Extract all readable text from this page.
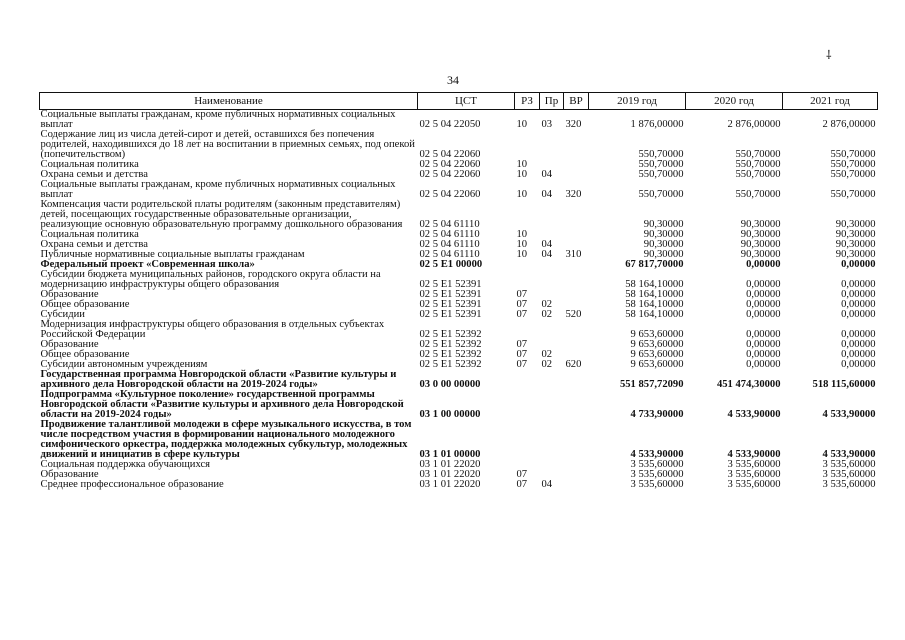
⸸
34
Наименование	ЦСТ	РЗ	Пр	ВР	2019 год	2020 год	2021 год
Социальные выплаты гражданам, кроме публичных нормативных социальных выплат	02 5 04 22050	10	03	320	1 876,00000	2 876,00000	2 876,00000
Содержание лиц из числа детей-сирот и детей, оставшихся без попечения родителей, находившихся до 18 лет на воспитании в приемных семьях, под опекой (попечительством)	02 5 04 22060				550,70000	550,70000	550,70000
Социальная политика	02 5 04 22060	10			550,70000	550,70000	550,70000
Охрана семьи и детства	02 5 04 22060	10	04		550,70000	550,70000	550,70000
Социальные выплаты гражданам, кроме публичных нормативных социальных выплат	02 5 04 22060	10	04	320	550,70000	550,70000	550,70000
Компенсация части родительской платы родителям (законным представителям) детей, посещающих государственные образовательные организации, реализующие основную образовательную программу дошкольного образования	02 5 04 61110				90,30000	90,30000	90,30000
Социальная политика	02 5 04 61110	10			90,30000	90,30000	90,30000
Охрана семьи и детства	02 5 04 61110	10	04		90,30000	90,30000	90,30000
Публичные нормативные социальные выплаты гражданам	02 5 04 61110	10	04	310	90,30000	90,30000	90,30000
Федеральный проект «Современная школа»	02 5 E1 00000				67 817,70000	0,00000	0,00000
Субсидии бюджета муниципальных районов, городского округа области на модернизацию инфраструктуры общего образования	02 5 E1 52391				58 164,10000	0,00000	0,00000
Образование	02 5 E1 52391	07			58 164,10000	0,00000	0,00000
Общее образование	02 5 E1 52391	07	02		58 164,10000	0,00000	0,00000
Субсидии	02 5 E1 52391	07	02	520	58 164,10000	0,00000	0,00000
Модернизация инфраструктуры общего образования в отдельных субъектах Российской Федерации	02 5 E1 52392				9 653,60000	0,00000	0,00000
Образование	02 5 E1 52392	07			9 653,60000	0,00000	0,00000
Общее образование	02 5 E1 52392	07	02		9 653,60000	0,00000	0,00000
Субсидии автономным учреждениям	02 5 E1 52392	07	02	620	9 653,60000	0,00000	0,00000
Государственная программа Новгородской области «Развитие культуры и архивного дела Новгородской области на 2019-2024 годы»	03 0 00 00000				551 857,72090	451 474,30000	518 115,60000
Подпрограмма «Культурное поколение» государственной программы Новгородской области «Развитие культуры и архивного дела Новгородской области на 2019-2024 годы»	03 1 00 00000				4 733,90000	4 533,90000	4 533,90000
Продвижение талантливой молодежи в сфере музыкального искусства, в том числе посредством участия в формировании национального молодежного симфонического оркестра, поддержка молодежных субкультур, молодежных движений и инициатив в сфере культуры	03 1 01 00000				4 533,90000	4 533,90000	4 533,90000
Социальная поддержка обучающихся	03 1 01 22020				3 535,60000	3 535,60000	3 535,60000
Образование	03 1 01 22020	07			3 535,60000	3 535,60000	3 535,60000
Среднее профессиональное образование	03 1 01 22020	07	04		3 535,60000	3 535,60000	3 535,60000
